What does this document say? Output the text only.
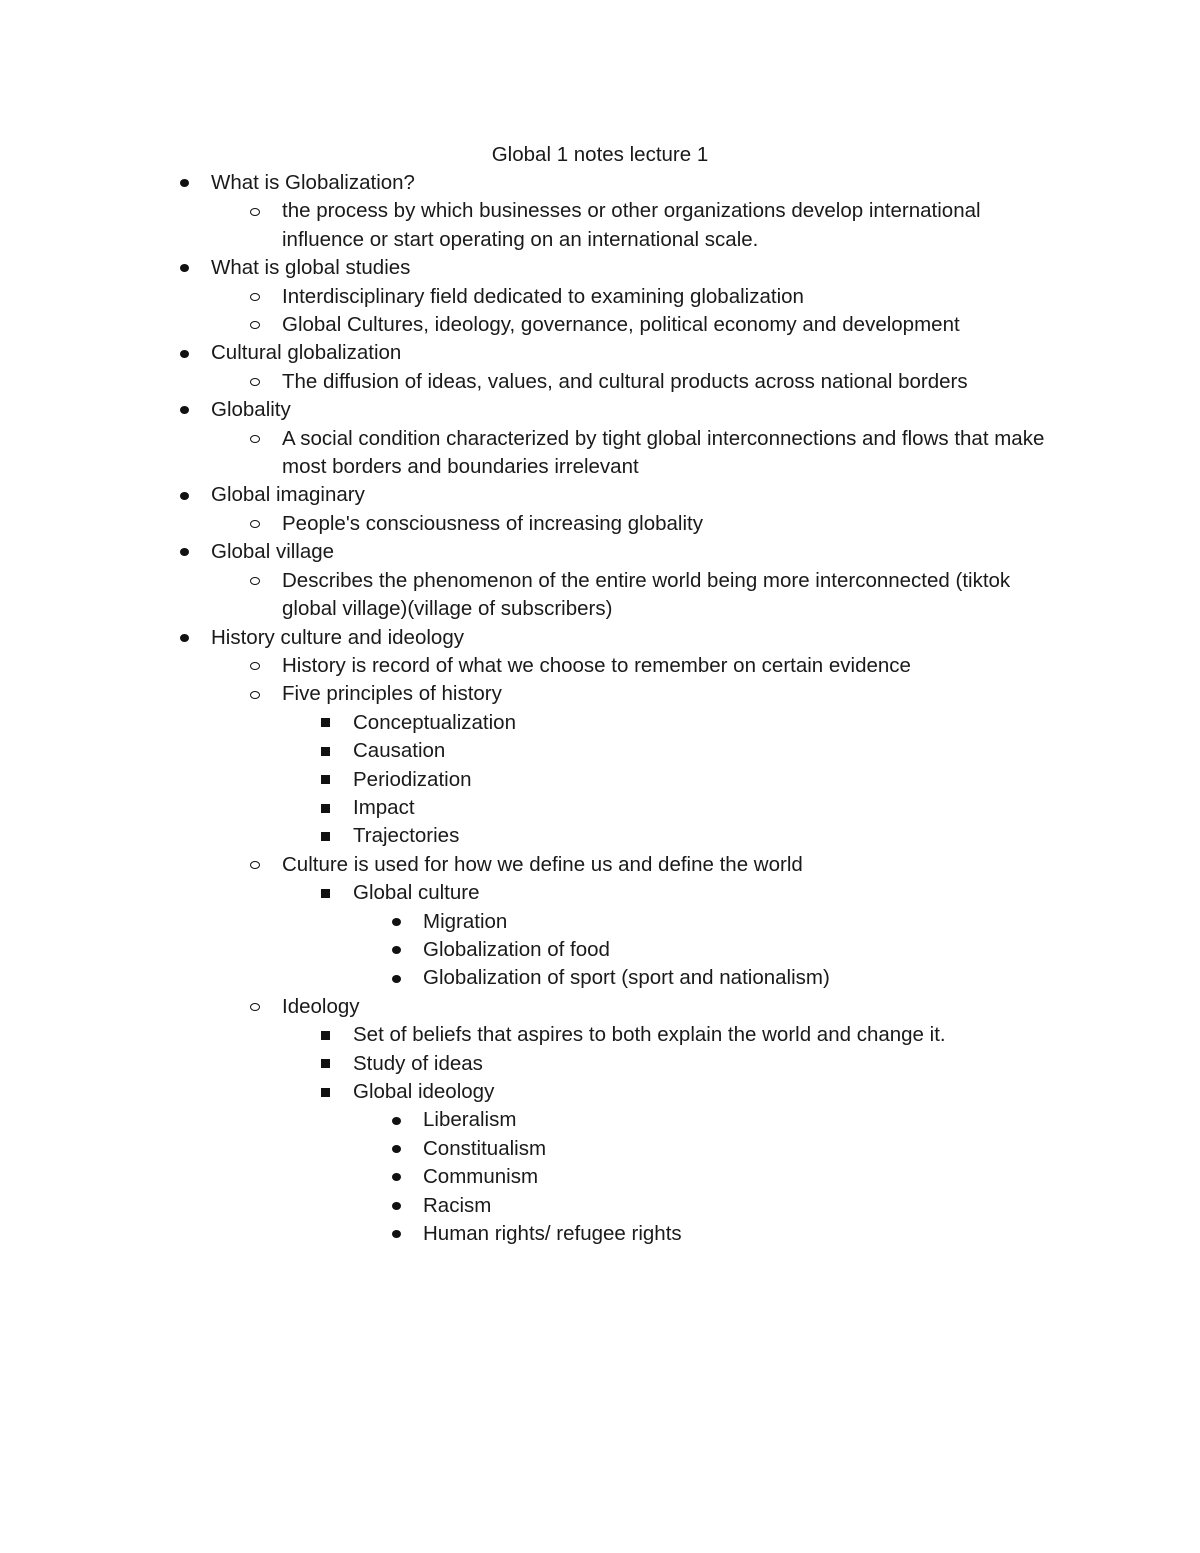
Global 1 notes lecture 1
What is Globalization?
the process by which businesses or other organizations develop international influence or start operating on an international scale.
What is global studies
Interdisciplinary field dedicated to examining globalization
Global Cultures, ideology, governance, political economy and development
Cultural globalization
The diffusion of ideas, values, and cultural products across national borders
Globality
A social condition characterized by tight global interconnections and flows that make most borders and boundaries irrelevant
Global imaginary
People's consciousness of increasing globality
Global village
Describes the phenomenon of the entire world being more interconnected (tiktok global village)(village of subscribers)
History culture and ideology
History is record of what we choose to remember on certain evidence
Five principles of history
Conceptualization
Causation
Periodization
Impact
Trajectories
Culture is used for how we define us and define the world
Global culture
Migration
Globalization of food
Globalization of sport (sport and nationalism)
Ideology
Set of beliefs that aspires to both explain the world and change it.
Study of ideas
Global ideology
Liberalism
Constitualism
Communism
Racism
Human rights/ refugee rights
